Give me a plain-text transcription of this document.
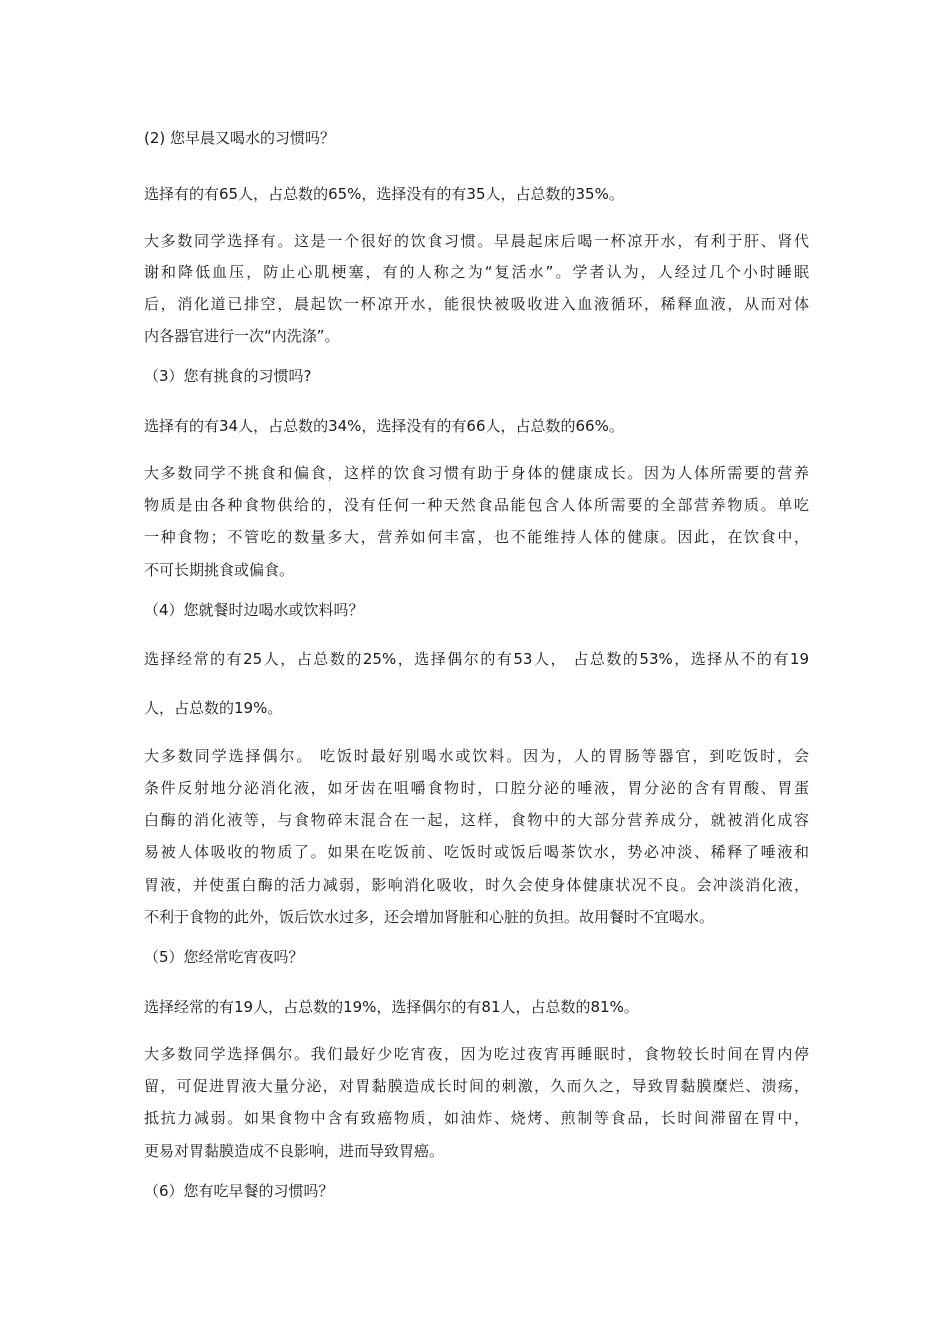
(2) 您早晨又喝水的习惯吗？
选择有的有65人，占总数的65%，选择没有的有35人，占总数的35%。
大多数同学选择有。这是一个很好的饮食习惯。早晨起床后喝一杯凉开水，有利于肝、肾代
谢和降低血压，防止心肌梗塞，有的人称之为“复活水”。学者认为，人经过几个小时睡眠
后，消化道已排空，晨起饮一杯凉开水，能很快被吸收进入血液循环，稀释血液，从而对体
内各器官进行一次“内洗涤”。
（3）您有挑食的习惯吗?
选择有的有34人，占总数的34%，选择没有的有66人，占总数的66%。
大多数同学不挑食和偏食，这样的饮食习惯有助于身体的健康成长。因为人体所需要的营养
物质是由各种食物供给的，没有任何一种天然食品能包含人体所需要的全部营养物质。单吃
一种食物；不管吃的数量多大，营养如何丰富，也不能维持人体的健康。因此，在饮食中，
不可长期挑食或偏食。
（4）您就餐时边喝水或饮料吗？
选择经常的有25人，占总数的25%，选择偶尔的有53人， 占总数的53%，选择从不的有19
人，占总数的19%。
大多数同学选择偶尔。 吃饭时最好别喝水或饮料。因为，人的胃肠等器官，到吃饭时，会
条件反射地分泌消化液，如牙齿在咀嚼食物时，口腔分泌的唾液，胃分泌的含有胃酸、胃蛋
白酶的消化液等，与食物碎末混合在一起，这样，食物中的大部分营养成分，就被消化成容
易被人体吸收的物质了。如果在吃饭前、吃饭时或饭后喝茶饮水，势必冲淡、稀释了唾液和
胃液，并使蛋白酶的活力减弱，影响消化吸收，时久会使身体健康状况不良。会冲淡消化液，
不利于食物的此外，饭后饮水过多，还会增加肾脏和心脏的负担。故用餐时不宜喝水。
（5）您经常吃宵夜吗？
选择经常的有19人，占总数的19%，选择偶尔的有81人，占总数的81%。
大多数同学选择偶尔。我们最好少吃宵夜，因为吃过夜宵再睡眠时，食物较长时间在胃内停
留，可促进胃液大量分泌，对胃黏膜造成长时间的刺激，久而久之，导致胃黏膜糜烂、溃疡，
抵抗力减弱。如果食物中含有致癌物质，如油炸、烧烤、煎制等食品，长时间滞留在胃中，
更易对胃黏膜造成不良影响，进而导致胃癌。
（6）您有吃早餐的习惯吗？
